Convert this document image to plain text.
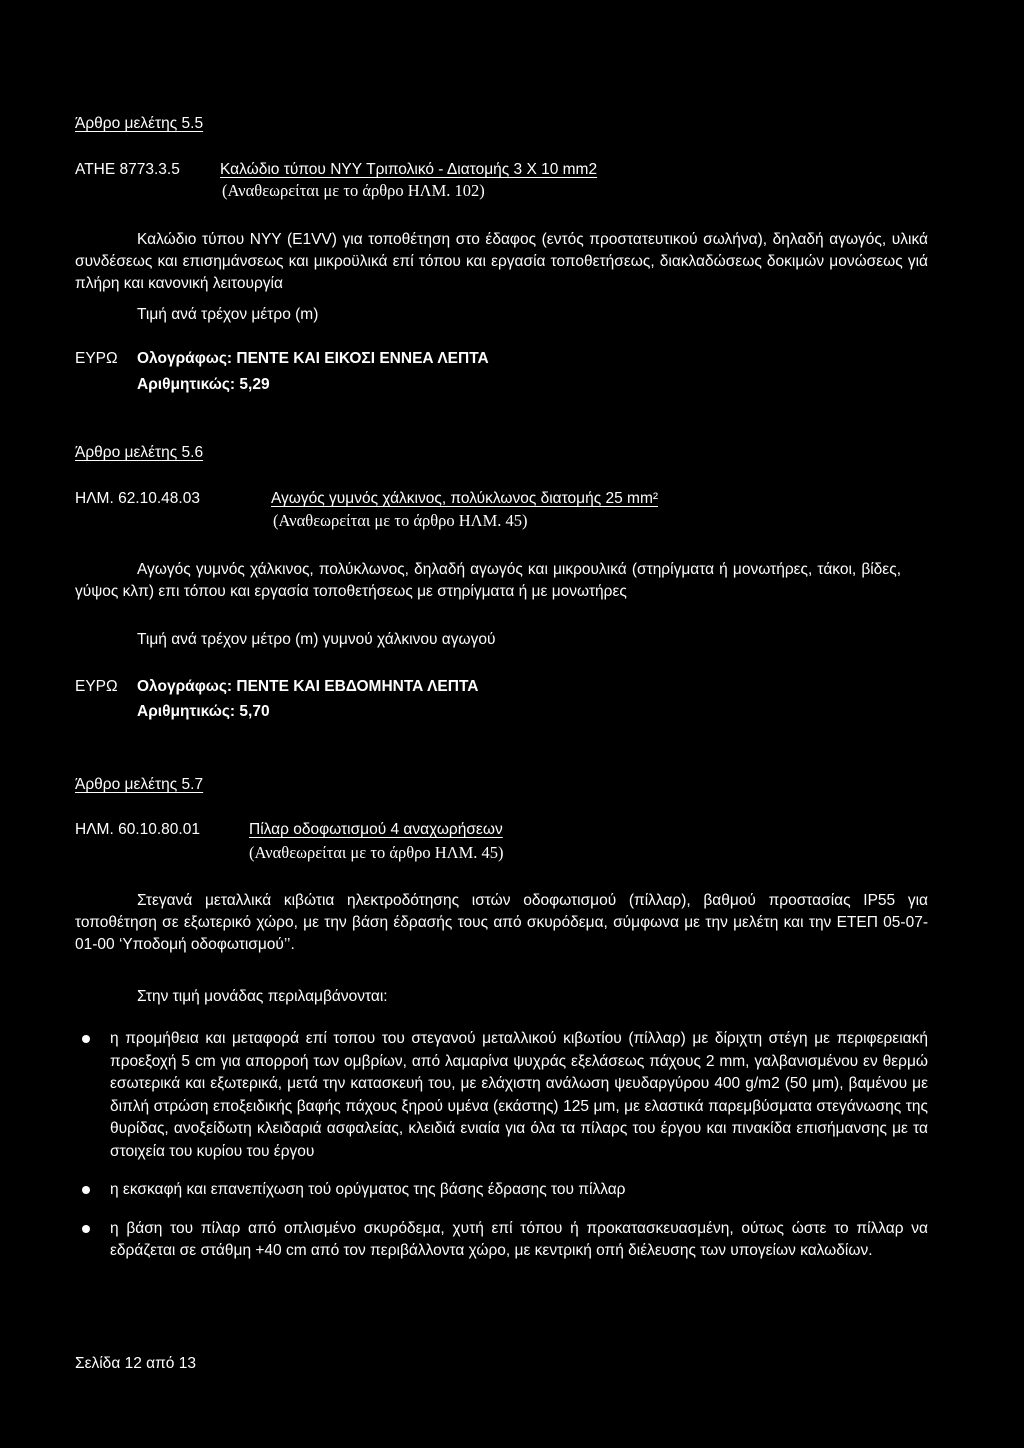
Άρθρο μελέτης 5.5
ΑΤΗΕ 8773.3.5	Καλώδιο τύπου NYY Τριπολικό - Διατομής 3 X 10 mm2
(Αναθεωρείται με το άρθρο ΗΛΜ. 102)
Καλώδιο τύπου NYY (E1VV) για τοποθέτηση στο έδαφος (εντός προστατευτικού σωλήνα), δηλαδή αγωγός, υλικά συνδέσεως και επισημάνσεως και μικροϋλικά επί τόπου και εργασία τοποθετήσεως, διακλαδώσεως δοκιμών μονώσεως γιά πλήρη και κανονική λειτουργία
Τιμή ανά τρέχον μέτρο (m)
ΕΥΡΩ Ολογράφως: ΠΕΝΤΕ ΚΑΙ ΕΙΚΟΣΙ ΕΝΝΕΑ ΛΕΠΤΑ
Αριθμητικώς: 5,29
Άρθρο μελέτης 5.6
ΗΛΜ. 62.10.48.03	Αγωγός γυμνός χάλκινος, πολύκλωνος διατομής 25 mm²
(Αναθεωρείται με το άρθρο ΗΛΜ. 45)
Αγωγός γυμνός χάλκινος, πολύκλωνος, δηλαδή αγωγός και μικρουλικά (στηρίγματα ή μονωτήρες, τάκοι, βίδες, γύψος κλπ) επι τόπου και εργασία τοποθετήσεως με στηρίγματα ή με μονωτήρες
Τιμή ανά τρέχον μέτρο (m) γυμνού χάλκινου αγωγού
ΕΥΡΩ Ολογράφως: ΠΕΝΤΕ ΚΑΙ ΕΒΔΟΜΗΝΤΑ ΛΕΠΤΑ
Αριθμητικώς: 5,70
Άρθρο μελέτης 5.7
ΗΛΜ. 60.10.80.01	Πίλαρ οδοφωτισμού 4 αναχωρήσεων
(Αναθεωρείται με το άρθρο ΗΛΜ. 45)
Στεγανά μεταλλικά κιβώτια ηλεκτροδότησης ιστών οδοφωτισμού (πίλλαρ), βαθμού προστασίας IP55 για τοποθέτηση σε εξωτερικό χώρο, με την βάση έδρασής τους από σκυρόδεμα, σύμφωνα με την μελέτη και την ΕΤΕΠ 05-07-01-00 ‘Υποδομή οδοφωτισμού’’.
Στην τιμή μονάδας περιλαμβάνονται:
η προμήθεια και μεταφορά επί τοπου του στεγανού μεταλλικού κιβωτίου (πίλλαρ) με δίριχτη στέγη με περιφερειακή προεξοχή 5 cm για απορροή των ομβρίων, από λαμαρίνα ψυχράς εξελάσεως πάχους 2 mm, γαλβανισμένου εν θερμώ εσωτερικά και εξωτερικά, μετά την κατασκευή του, με ελάχιστη ανάλωση ψευδαργύρου 400 g/m2 (50 μm), βαμένου με διπλή στρώση εποξειδικής βαφής πάχους ξηρού υμένα (εκάστης) 125 μm, με ελαστικά παρεμβύσματα στεγάνωσης της θυρίδας, ανοξείδωτη κλειδαριά ασφαλείας, κλειδιά ενιαία για όλα τα πίλαρς του έργου και πινακίδα επισήμανσης με τα στοιχεία του κυρίου του έργου
η εκσκαφή και επανεπίχωση τού ορύγματος της βάσης έδρασης του πίλλαρ
η βάση του πίλαρ από οπλισμένο σκυρόδεμα, χυτή επί τόπου ή προκατασκευασμένη, ούτως ώστε το πίλλαρ να εδράζεται σε στάθμη +40 cm από τον περιβάλλοντα χώρο, με κεντρική οπή διέλευσης των υπογείων καλωδίων.
Σελίδα 12 από 13
